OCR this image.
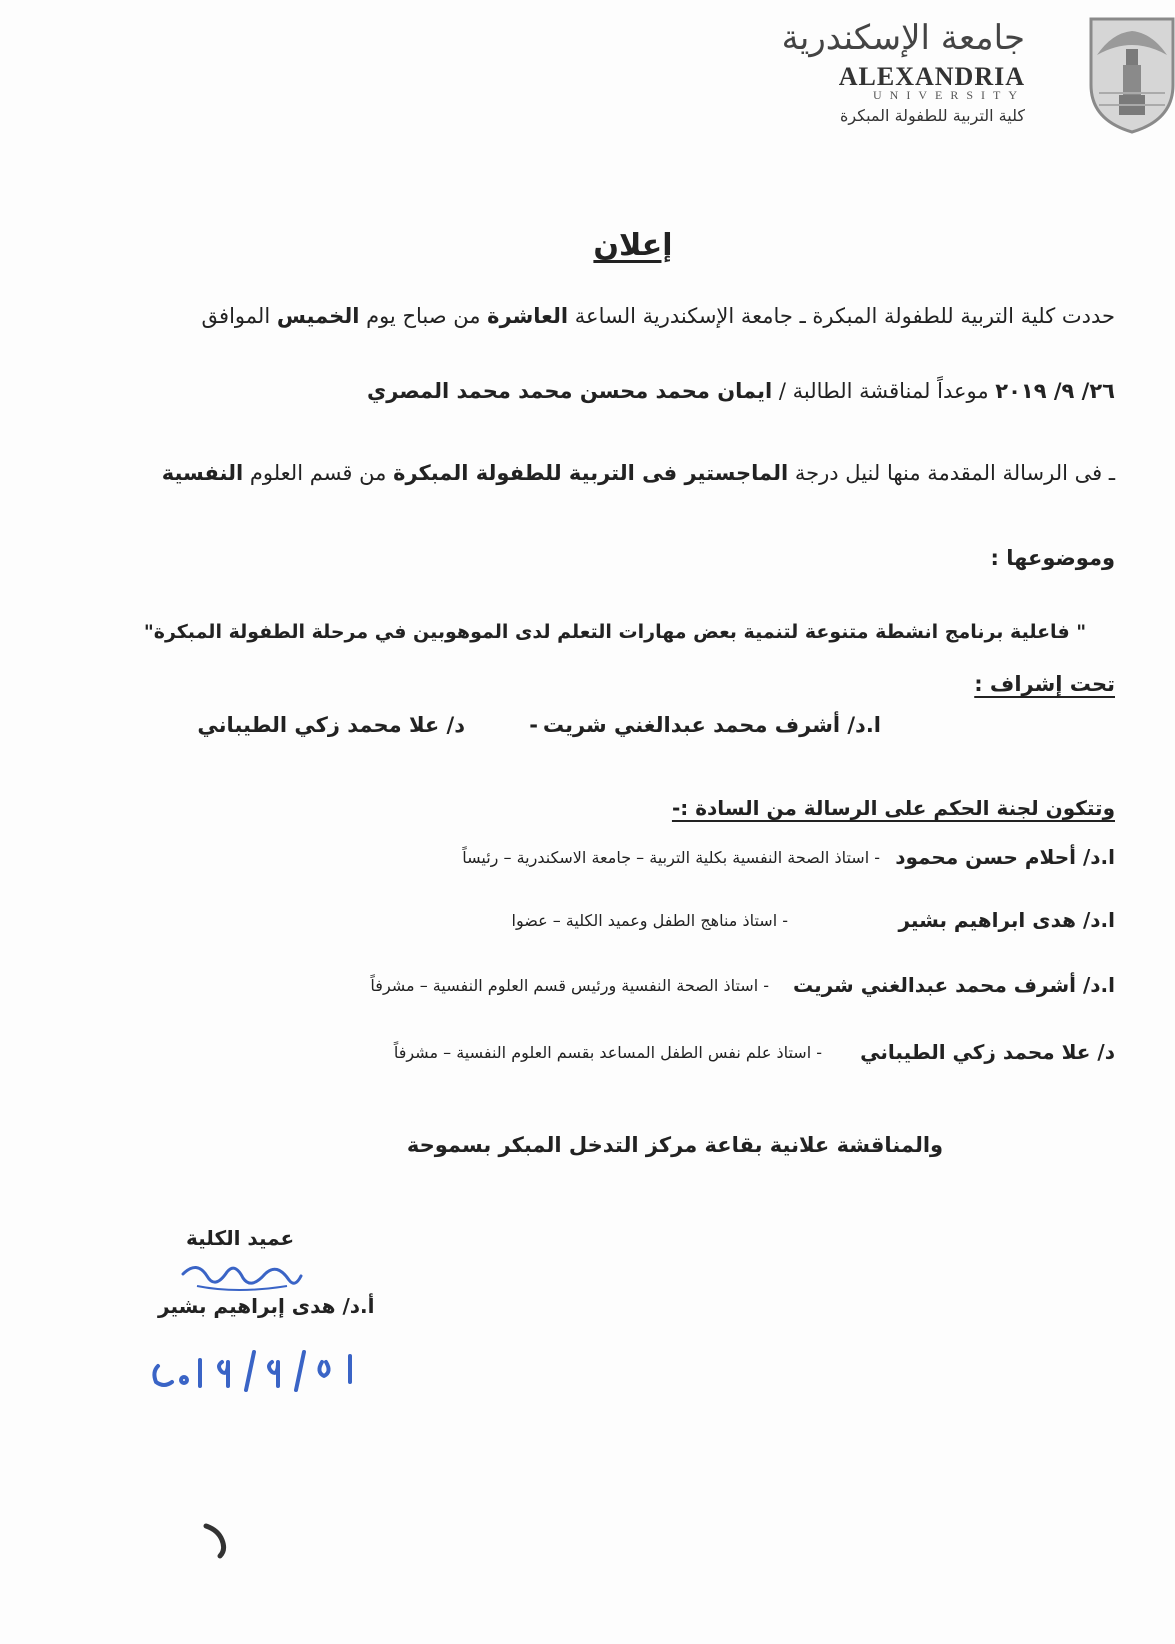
جامعة الإسكندرية
ALEXANDRIA
UNIVERSITY
كلية التربية للطفولة المبكرة
إعلان
حددت كلية التربية للطفولة المبكرة ـ جامعة الإسكندرية الساعة العاشرة من صباح يوم الخميس الموافق
٢٦/ ٩/ ٢٠١٩ موعداً لمناقشة الطالبة / ايمان محمد محسن محمد محمد المصري
ـ فى الرسالة المقدمة منها لنيل درجة الماجستير فى التربية للطفولة المبكرة من قسم العلوم النفسية
وموضوعها :
" فاعلية برنامج انشطة متنوعة لتنمية بعض مهارات التعلم لدى الموهوبين في مرحلة الطفولة المبكرة"
تحت إشراف :
ا.د/ أشرف محمد عبدالغني شريت
-
د/ علا محمد زكي الطيباني
وتتكون لجنة الحكم على الرسالة من السادة :-
ا.د/ أحلام حسن محمود
- استاذ الصحة النفسية بكلية التربية – جامعة الاسكندرية – رئيساً
ا.د/ هدى ابراهيم بشير
- استاذ مناهج الطفل وعميد الكلية – عضوا
ا.د/ أشرف محمد عبدالغني شريت
- استاذ الصحة النفسية ورئيس قسم العلوم النفسية – مشرفاً
د/ علا محمد زكي الطيباني
- استاذ علم نفس الطفل المساعد بقسم العلوم النفسية – مشرفاً
والمناقشة علانية بقاعة مركز التدخل المبكر بسموحة
عميد الكلية
أ.د/ هدى إبراهيم بشير
